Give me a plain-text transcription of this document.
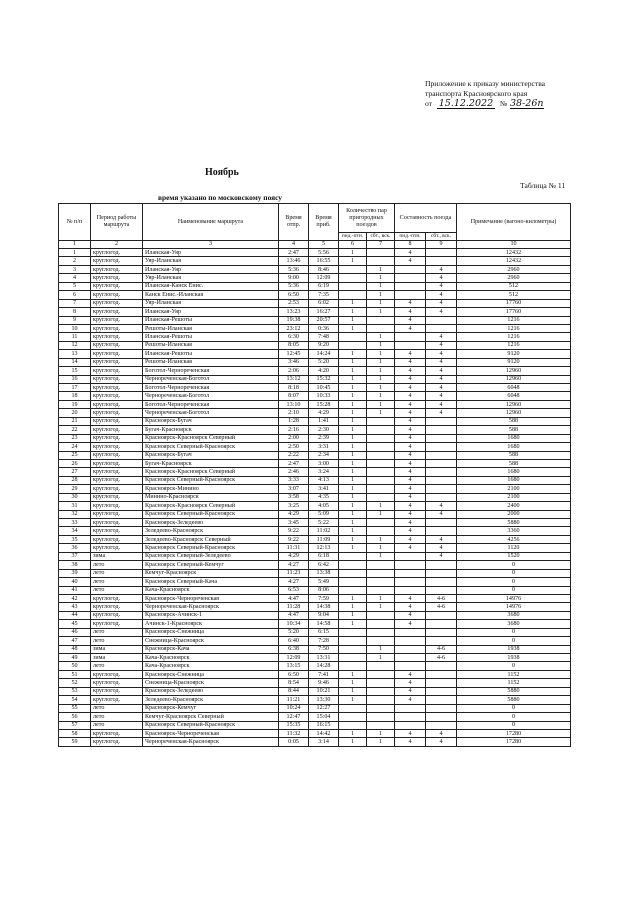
Приложение к приказу министерства
транспорта Красноярского края
от 15.12.2022 № 38-26п
Ноябрь
Таблица № 11
время указано по московскому поясу
№ п/п	Период работы маршрута	Наименование маршрута	Время отпр.	Время приб.	Количество пар пригородных поездов		Составность поезда		Примечание (вагоно-километры)
					пнд.-птн.	сбт., вск.	пнд.-птн.	сбт., вск.	
1	2	3	4	5	6	7	8	9	10
1	круглогод.	Иланская-Уяр	2:47	5:56	1		4		12432
2	круглогод.	Уяр-Иланская	13:46	16:55	1		4		12432
3	круглогод.	Иланская-Уяр	5:36	8:46		1		4	2960
4	круглогод.	Уяр-Иланская	9:00	12:09		1		4	2960
5	круглогод.	Иланская-Канск Енис.	5:36	6:19		1		4	512
6	круглогод.	Канск Енис.-Иланская	6:50	7:35		1		4	512
7	круглогод.	Уяр-Иланская	2:53	6:02	1	1	4	4	17760
8	круглогод.	Иланская-Уяр	13:23	16:27	1	1	4	4	17760
9	круглогод.	Иланская-Решоты	19:38	20:57	1		4		1216
10	круглогод.	Решоты-Иланская	23:12	0:36	1		4		1216
11	круглогод.	Иланская-Решоты	6:30	7:48		1		4	1216
12	круглогод.	Решоты-Иланская	8:05	9:20		1		4	1216
13	круглогод.	Иланская-Решоты	12:45	14:24	1	1	4	4	9120
14	круглогод.	Решоты-Иланская	3:46	5:20	1	1	4	4	9120
15	круглогод.	Боготол-Чернореченская	2:06	4:20	1	1	4	4	12960
16	круглогод.	Чернореченская-Боготол	13:12	15:32	1	1	4	4	12960
17	круглогод.	Боготол-Чернореченская	8:18	10:45	1	1	4	4	6048
18	круглогод.	Чернореченская-Боготол	8:07	10:33	1	1	4	4	6048
19	круглогод.	Боготол-Чернореченская	13:10	15:28	1	1	4	4	12960
20	круглогод.	Чернореченская-Боготол	2:10	4:29	1	1	4	4	12960
21	круглогод.	Красноярск-Бугач	1:28	1:41	1		4		588
22	круглогод.	Бугач-Красноярск	2:16	2:30	1		4		588
23	круглогод.	Красноярск-Красноярск Северный	2:00	2:39	1		4		1680
24	круглогод.	Красноярск Северный-Красноярск	2:50	3:31	1		4		1680
25	круглогод.	Красноярск-Бугач	2:22	2:34	1		4		588
26	круглогод.	Бугач-Красноярск	2:47	3:00	1		4		588
27	круглогод.	Красноярск-Красноярск Северный	2:46	3:24	1		4		1680
28	круглогод.	Красноярск Северный-Красноярск	3:33	4:13	1		4		1680
29	круглогод.	Красноярск-Минино	3:07	3:41	1		4		2100
30	круглогод.	Минино-Красноярск	3:58	4:35	1		4		2100
31	круглогод.	Красноярск-Красноярск Северный	3:25	4:05	1	1	4	4	2400
32	круглогод.	Красноярск Северный-Красноярск	4:29	5:09	1	1	4	4	2000
33	круглогод.	Красноярск-Зеледеево	3:45	5:22	1		4		5880
34	круглогод.	Зеледеево-Красноярск	9:22	11:02	1		4		3360
35	круглогод.	Зеледеево-Красноярск Северный	9:22	11:09	1	1	4	4	4256
36	круглогод.	Красноярск Северный-Красноярск	11:31	12:13	1	1	4	4	1120
37	зима	Красноярск Северный-Зеледеево	4:29	6:18		1		4	1520
38	лето	Красноярск Северный-Кемчуг	4:27	6:42					0
39	лето	Кемчуг-Красноярск	11:23	13:38					0
40	лето	Красноярск Северный-Кача	4:27	5:49					0
41	лето	Кача-Красноярск	6:53	8:06					0
42	круглогод.	Красноярск-Чернореченская	4:47	7:59	1	1	4	4-6	14976
43	круглогод.	Чернореченская-Красноярск	11:28	14:38	1	1	4	4-6	14976
44	круглогод.	Красноярск-Ачинск-1	4:47	9:04	1		4		3680
45	круглогод.	Ачинск-1-Красноярск	10:34	14:58	1		4		3680
46	лето	Красноярск-Снежница	5:20	6:15					0
47	лето	Снежница-Красноярск	6:40	7:28					0
48	зима	Красноярск-Кача	6:38	7:50		1		4-6	1938
49	зима	Кача-Красноярск	12:09	13:31		1		4-6	1938
50	лето	Кача-Красноярск	13:15	14:28					0
51	круглогод.	Красноярск-Снежница	6:50	7:41	1		4		1152
52	круглогод.	Снежница-Красноярск	8:54	9:46	1		4		1152
53	круглогод.	Красноярск-Зеледеево	8:44	10:21	1		4		5880
54	круглогод.	Зеледеево-Красноярск	11:21	13:30	1		4		5880
55	лето	Красноярск-Кемчуг	10:24	12:27					0
56	лето	Кемчуг-Красноярск Северный	12:47	15:04					0
57	лето	Красноярск Северный-Красноярск	15:35	16:15					0
58	круглогод.	Красноярск-Чернореченская	11:32	14:42	1	1	4	4	17280
59	круглогод.	Чернореченская-Красноярск	0:05	3:14	1	1	4	4	17280
